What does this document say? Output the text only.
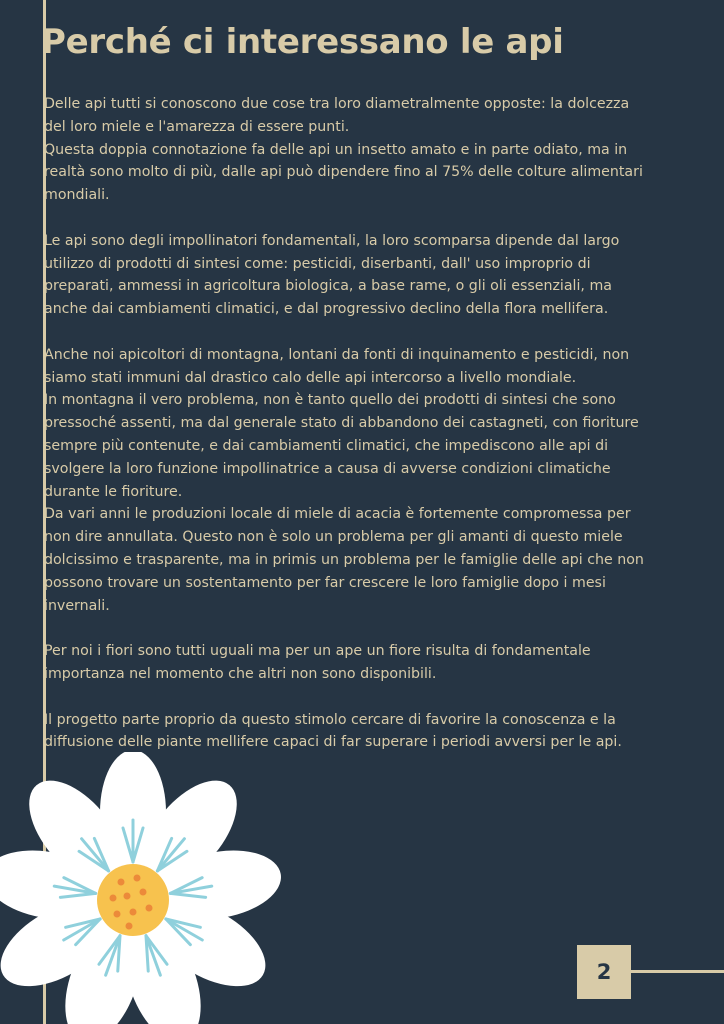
Perché ci interessano le api

Delle api tutti si conoscono due cose tra loro diametralmente opposte: la dolcezza del loro miele e l'amarezza di essere punti.
Questa doppia connotazione fa delle api un insetto amato e in parte odiato, ma in realtà sono molto di più, dalle api può dipendere fino al 75% delle colture alimentari mondiali.

Le api sono degli impollinatori fondamentali, la loro scomparsa dipende dal largo utilizzo di prodotti di sintesi come: pesticidi, diserbanti, dall' uso improprio di preparati, ammessi in agricoltura biologica, a base rame, o gli oli essenziali, ma anche dai cambiamenti climatici, e dal progressivo declino della flora mellifera.

Anche noi apicoltori di montagna, lontani da fonti di inquinamento e pesticidi, non siamo stati immuni dal drastico calo delle api intercorso a livello mondiale.
In montagna il vero problema, non è tanto quello dei prodotti di sintesi che sono pressoché assenti, ma dal generale stato di abbandono dei castagneti, con fioriture sempre più contenute, e dai cambiamenti climatici, che impediscono alle api di svolgere la loro funzione impollinatrice a causa di avverse condizioni climatiche durante le fioriture.
Da vari anni le produzioni locale di miele di acacia è fortemente compromessa per non dire annullata. Questo non è solo un problema per gli amanti di questo miele dolcissimo e trasparente, ma in primis un problema per le famiglie delle api che non possono trovare un sostentamento per far crescere le loro famiglie dopo i mesi invernali.

Per noi i fiori sono tutti uguali ma per un ape un fiore risulta di fondamentale importanza nel momento che altri non sono disponibili.

Il progetto parte proprio da questo stimolo cercare di favorire la conoscenza e la diffusione delle piante mellifere capaci di far superare i periodi avversi per le api.

2
